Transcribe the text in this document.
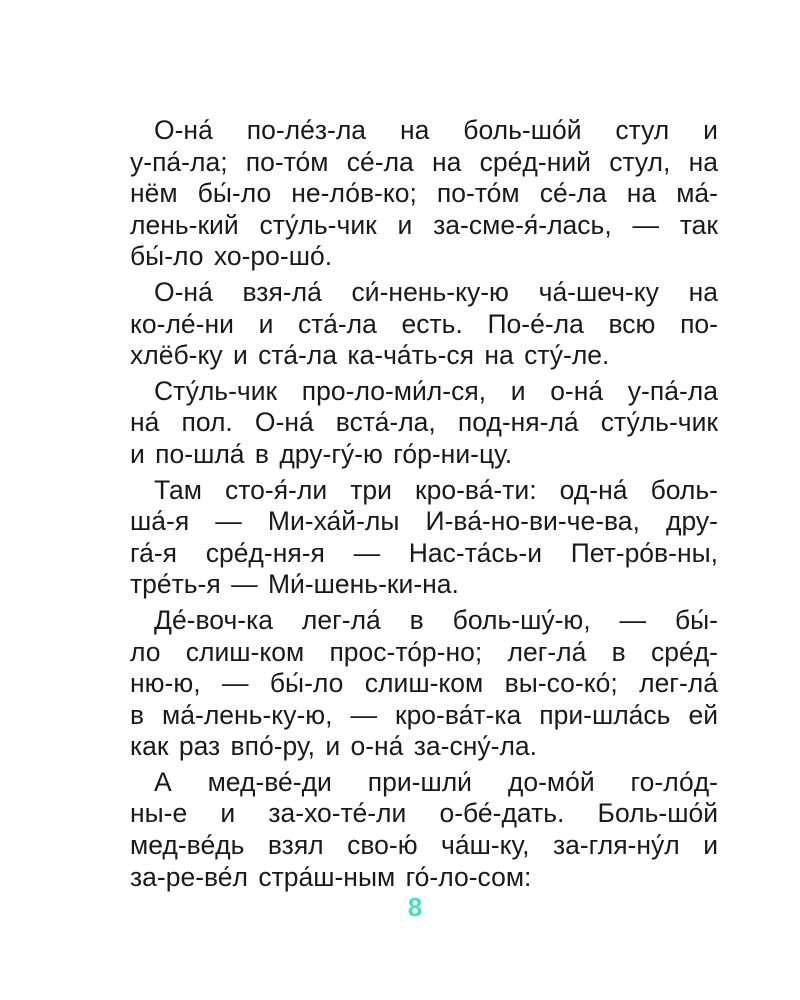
О-на́ по-ле́з-ла на боль-шо́й стул и
у-па́-ла; по-то́м се́-ла на сре́д-ний стул, на
нём бы́-ло не-ло́в-ко; по-то́м се́-ла на ма́-
лень-кий сту́ль-чик и за-сме-я́-лась, — так
бы́-ло хо-ро-шо́.
О-на́ взя-ла́ си́-нень-ку-ю ча́-шеч-ку на
ко-ле́-ни и ста́-ла есть. По-е́-ла всю по-
хлёб-ку и ста́-ла ка-ча́ть-ся на сту́-ле.
Сту́ль-чик про-ло-ми́л-ся, и о-на́ у-па́-ла
на́ пол. О-на́ вста́-ла, под-ня-ла́ сту́ль-чик
и по-шла́ в дру-гу́-ю го́р-ни-цу.
Там сто-я́-ли три кро-ва́-ти: од-на́ боль-
ша́-я — Ми-ха́й-лы И-ва́-но-ви-че-ва, дру-
га́-я сре́д-ня-я — Нас-та́сь-и Пет-ро́в-ны,
тре́ть-я — Ми́-шень-ки-на.
Де́-воч-ка лег-ла́ в боль-шу́-ю, — бы́-
ло слиш-ком прос-то́р-но; лег-ла́ в сре́д-
ню-ю, — бы́-ло слиш-ком вы-со-ко́; лег-ла́
в ма́-лень-ку-ю, — кро-ва́т-ка при-шла́сь ей
как раз впо́-ру, и о-на́ за-сну́-ла.
А мед-ве́-ди при-шли́ до-мо́й го-ло́д-
ны-е и за-хо-те́-ли о-бе́-дать. Боль-шо́й
мед-ве́дь взял сво-ю́ ча́ш-ку, за-гля-ну́л и
за-ре-ве́л стра́ш-ным го́-ло-сом:
8
